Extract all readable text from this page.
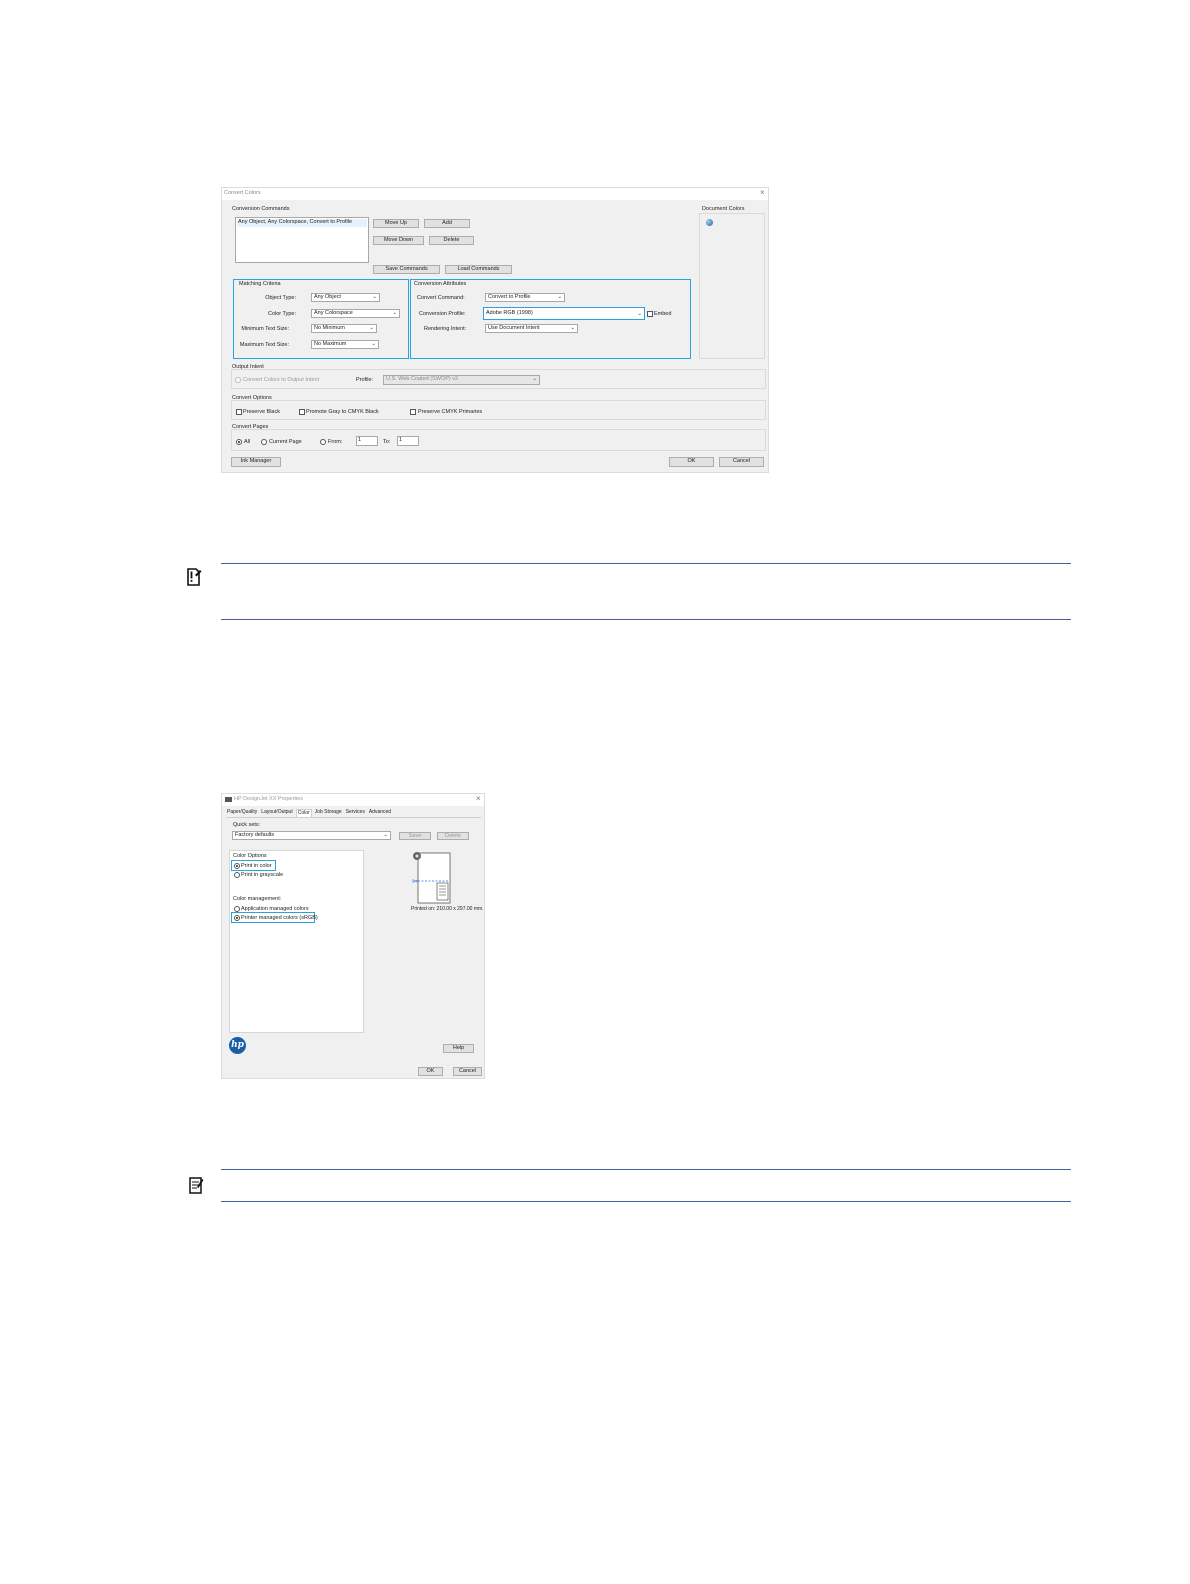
Convert Colors	×
Conversion Commands
Any Object, Any Colorspace, Convert to Profile	Move Up	Add
Move Down	Delete
Save Commands	Load Commands
Document Colors
Matching Criteria
Object Type:	Any Object	⌄
Color Type:	Any Colorspace	⌄
Minimum Text Size:	No Minimum	⌄
Maximum Text Size:	No Maximum	⌄
Conversion Attributes
Convert Command:	Convert to Profile	⌄
Conversion Profile:	Adobe RGB (1998)	⌄ Embed
Rendering Intent:	Use Document Intent	⌄
Output Intent
Convert Colors to Output Intent	Profile:	U.S. Web Coated (SWOP) v2	⌄
Convert Options
Preserve Black	Promote Gray to CMYK Black	Preserve CMYK Primaries
Convert Pages
All	Current Page	From:	1	To:	1
Ink Manager	OK	Cancel
HP DesignJet XX Properties	×
Paper/Quality Layout/Output	Color	Job Storage Services Advanced
Quick sets:
Factory defaults	⌄	Save	Delete
Color Options
Print in color
Print in grayscale
Color management:
Application managed colors
Printer managed colors (sRGB)
✂
Printed on: 210.00 x 297.00 mm.
hp	Help
OK	Cancel
